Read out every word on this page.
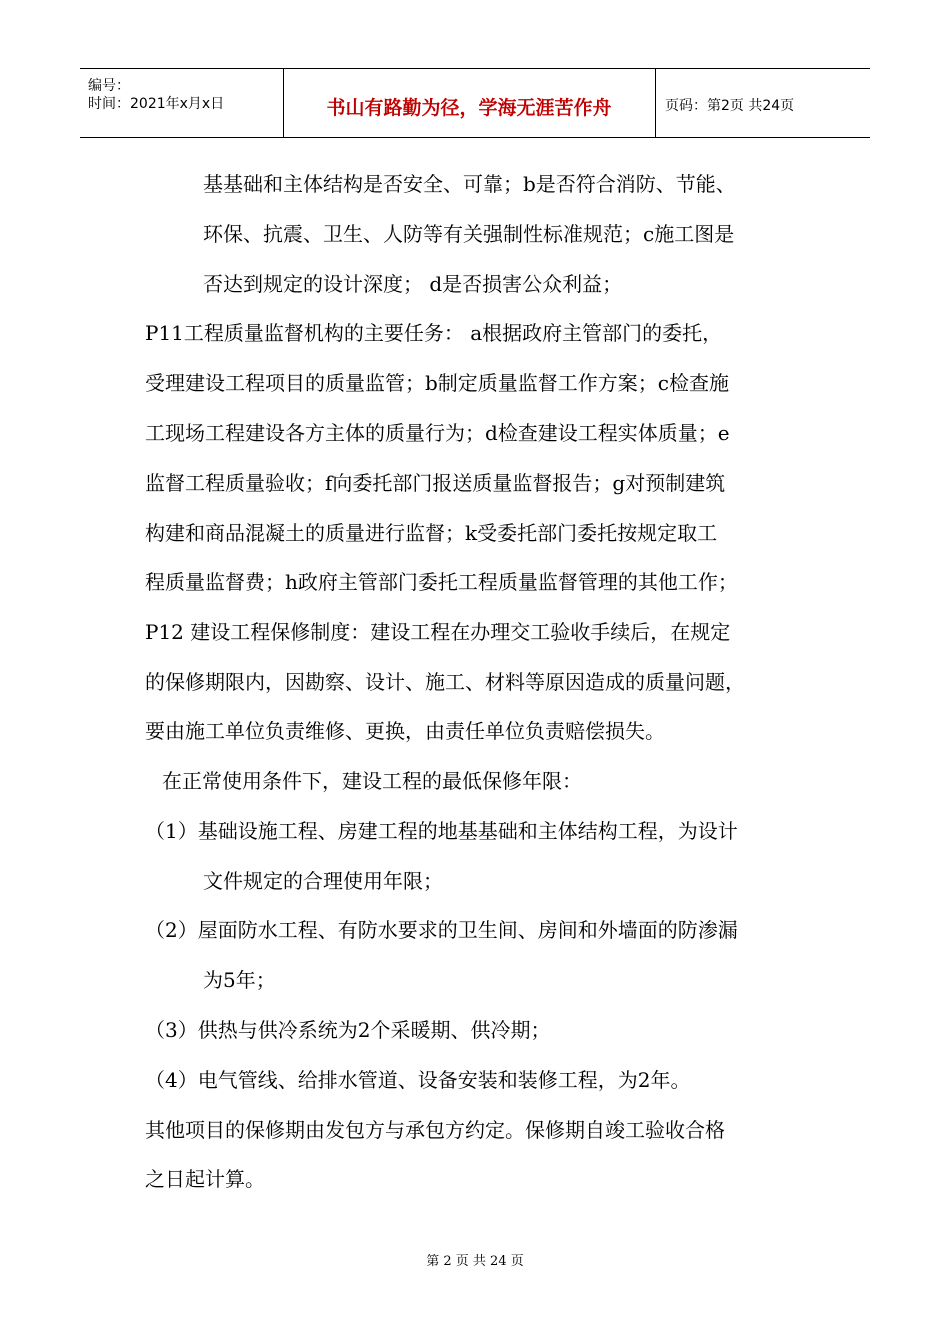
编号：
时间：2021年x月x日	书山有路勤为径，学海无涯苦作舟	页码：第2页 共24页
基基础和主体结构是否安全、可靠；b是否符合消防、节能、
环保、抗震、卫生、人防等有关强制性标准规范；c施工图是
否达到规定的设计深度； d是否损害公众利益；
P11工程质量监督机构的主要任务： a根据政府主管部门的委托，
受理建设工程项目的质量监管；b制定质量监督工作方案；c检查施
工现场工程建设各方主体的质量行为；d检查建设工程实体质量；e
监督工程质量验收；f向委托部门报送质量监督报告；g对预制建筑
构建和商品混凝土的质量进行监督；k受委托部门委托按规定取工
程质量监督费；h政府主管部门委托工程质量监督管理的其他工作；
P12 建设工程保修制度：建设工程在办理交工验收手续后，在规定
的保修期限内，因勘察、设计、施工、材料等原因造成的质量问题，
要由施工单位负责维修、更换，由责任单位负责赔偿损失。
在正常使用条件下，建设工程的最低保修年限：
（1）基础设施工程、房建工程的地基基础和主体结构工程，为设计
文件规定的合理使用年限；
（2）屋面防水工程、有防水要求的卫生间、房间和外墙面的防渗漏
为5年；
（3）供热与供冷系统为2个采暖期、供冷期；
（4）电气管线、给排水管道、设备安装和装修工程，为2年。
其他项目的保修期由发包方与承包方约定。保修期自竣工验收合格
之日起计算。
第 2 页 共 24 页
